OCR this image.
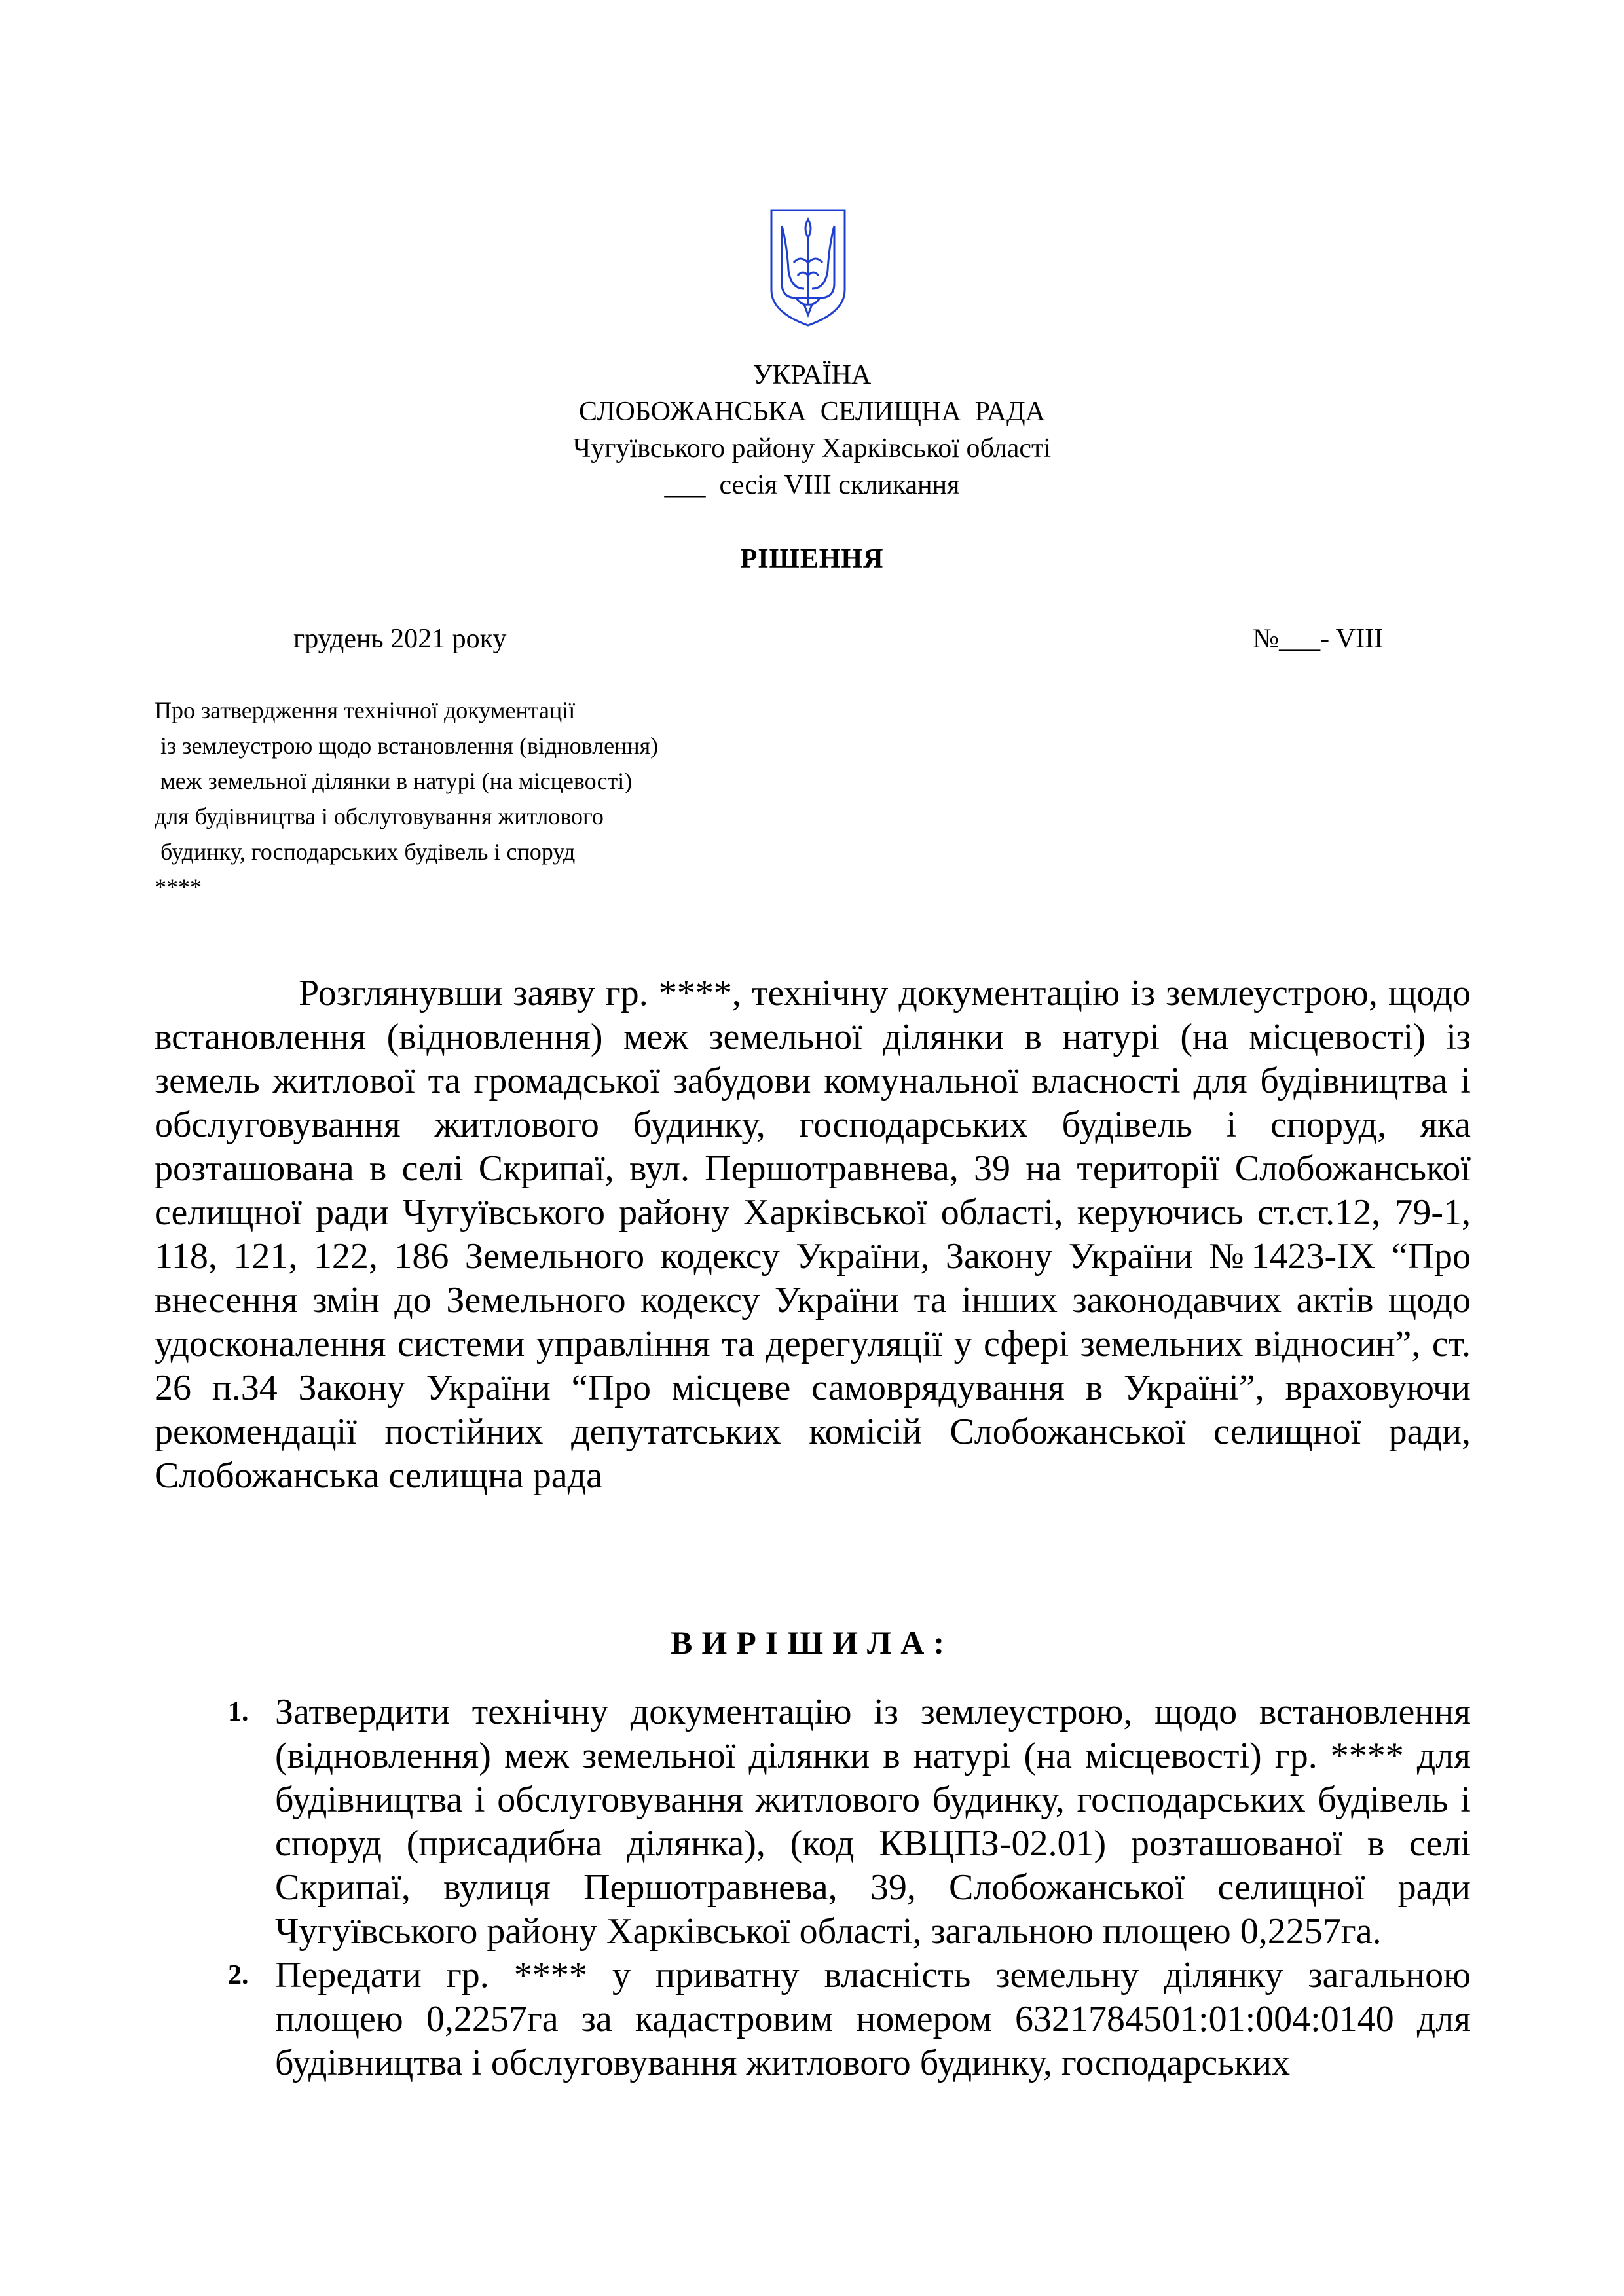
УКРАЇНА
СЛОБОЖАНСЬКА  СЕЛИЩНА  РАДА
Чугуївського району Харківської області
___  сесія VIII скликання
РІШЕННЯ
грудень 2021 року	№___- VIII
Про затвердження технічної документації
із землеустрою щодо встановлення (відновлення)
меж земельної ділянки в натурі (на місцевості)
для будівництва і обслуговування житлового
будинку, господарських будівель і споруд
****
Розглянувши заяву гр. ****, технічну документацію із землеустрою, щодо встановлення (відновлення) меж земельної ділянки в натурі (на місцевості) із земель житлової та громадської забудови комунальної власності для будівництва і обслуговування житлового будинку, господарських будівель і споруд, яка розташована в селі Скрипаї, вул. Першотравнева, 39 на території Слобожанської селищної ради Чугуївського району Харківської області, керуючись ст.ст.12, 79-1, 118, 121, 122, 186 Земельного кодексу України, Закону України №1423-IX “Про внесення змін до Земельного кодексу України та інших законодавчих актів щодо удосконалення системи управління та дерегуляції у сфері земельних відносин”, ст. 26 п.34 Закону України “Про місцеве самоврядування в Україні”, враховуючи рекомендації постійних депутатських комісій Слобожанської селищної ради, Слобожанська селищна рада
ВИРІШИЛА:
1. Затвердити технічну документацію із землеустрою, щодо встановлення (відновлення) меж земельної ділянки в натурі (на місцевості) гр. **** для будівництва і обслуговування житлового будинку, господарських будівель і споруд (присадибна ділянка), (код КВЦПЗ-02.01) розташованої в селі Скрипаї, вулиця Першотравнева, 39, Слобожанської селищної ради Чугуївського району Харківської області, загальною площею 0,2257га.
2. Передати гр. **** у приватну власність земельну ділянку загальною площею 0,2257га за кадастровим номером 6321784501:01:004:0140 для будівництва і обслуговування житлового будинку, господарських
